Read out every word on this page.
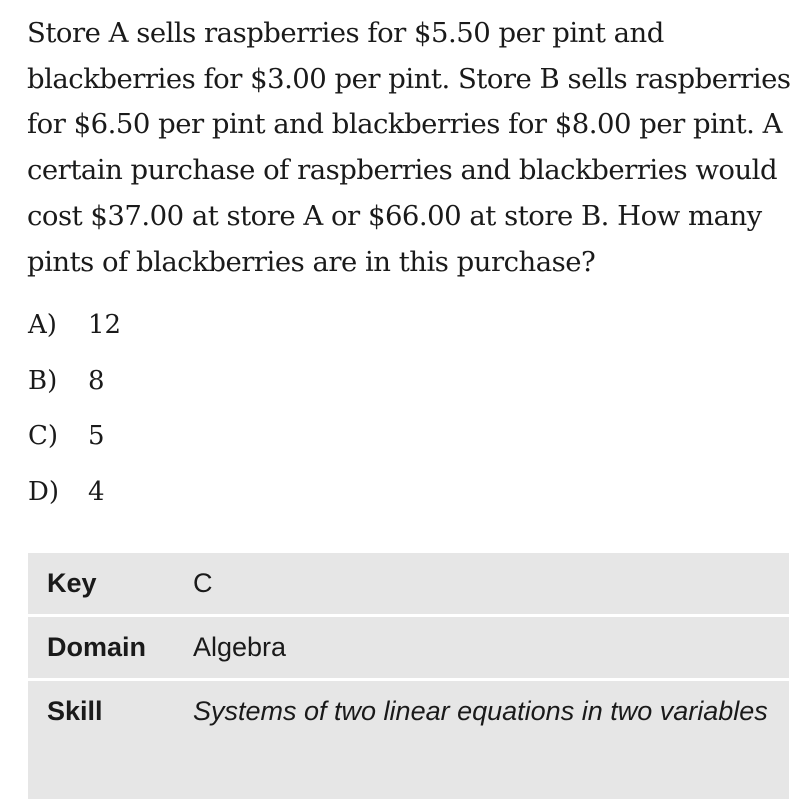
Store A sells raspberries for $5.50 per pint and
blackberries for $3.00 per pint. Store B sells raspberries
for $6.50 per pint and blackberries for $8.00 per pint. A
certain purchase of raspberries and blackberries would
cost $37.00 at store A or $66.00 at store B. How many
pints of blackberries are in this purchase?
A)	12
B)	8
C)	5
D)	4
Key	C
Domain	Algebra
Skill	Systems of two linear equations in two variables
